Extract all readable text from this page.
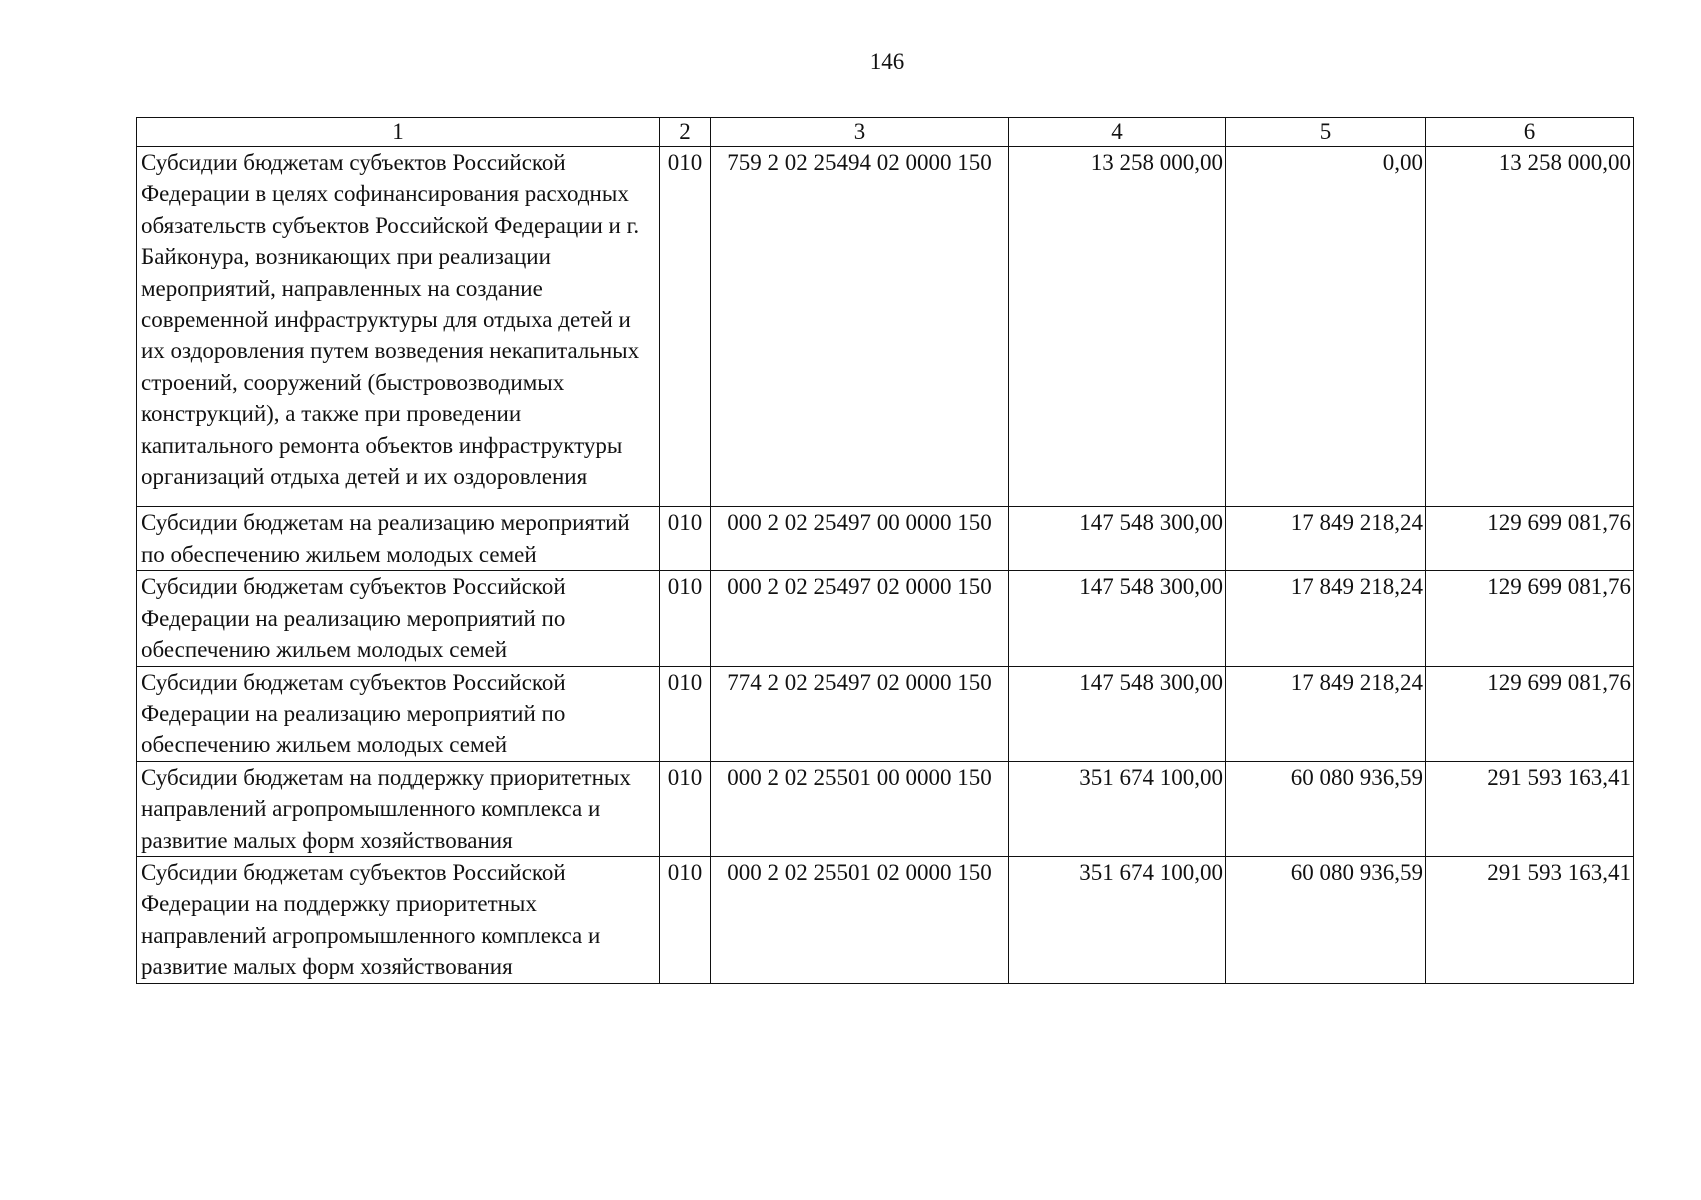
146
1	2	3	4	5	6
Субсидии бюджетам субъектов Российской Федерации в целях софинансирования расходных обязательств субъектов Российской Федерации и г. Байконура, возникающих при реализации мероприятий, направленных на создание современной инфраструктуры для отдыха детей и их оздоровления путем возведения некапитальных строений, сооружений (быстровозводимых конструкций), а также при проведении капитального ремонта объектов инфраструктуры организаций отдыха детей и их оздоровления	010	759 2 02 25494 02 0000 150	13 258 000,00	0,00	13 258 000,00
Субсидии бюджетам на реализацию мероприятий по обеспечению жильем молодых семей	010	000 2 02 25497 00 0000 150	147 548 300,00	17 849 218,24	129 699 081,76
Субсидии бюджетам субъектов Российской Федерации на реализацию мероприятий по обеспечению жильем молодых семей	010	000 2 02 25497 02 0000 150	147 548 300,00	17 849 218,24	129 699 081,76
Субсидии бюджетам субъектов Российской Федерации на реализацию мероприятий по обеспечению жильем молодых семей	010	774 2 02 25497 02 0000 150	147 548 300,00	17 849 218,24	129 699 081,76
Субсидии бюджетам на поддержку приоритетных направлений агропромышленного комплекса и развитие малых форм хозяйствования	010	000 2 02 25501 00 0000 150	351 674 100,00	60 080 936,59	291 593 163,41
Субсидии бюджетам субъектов Российской Федерации на поддержку приоритетных направлений агропромышленного комплекса и развитие малых форм хозяйствования	010	000 2 02 25501 02 0000 150	351 674 100,00	60 080 936,59	291 593 163,41
